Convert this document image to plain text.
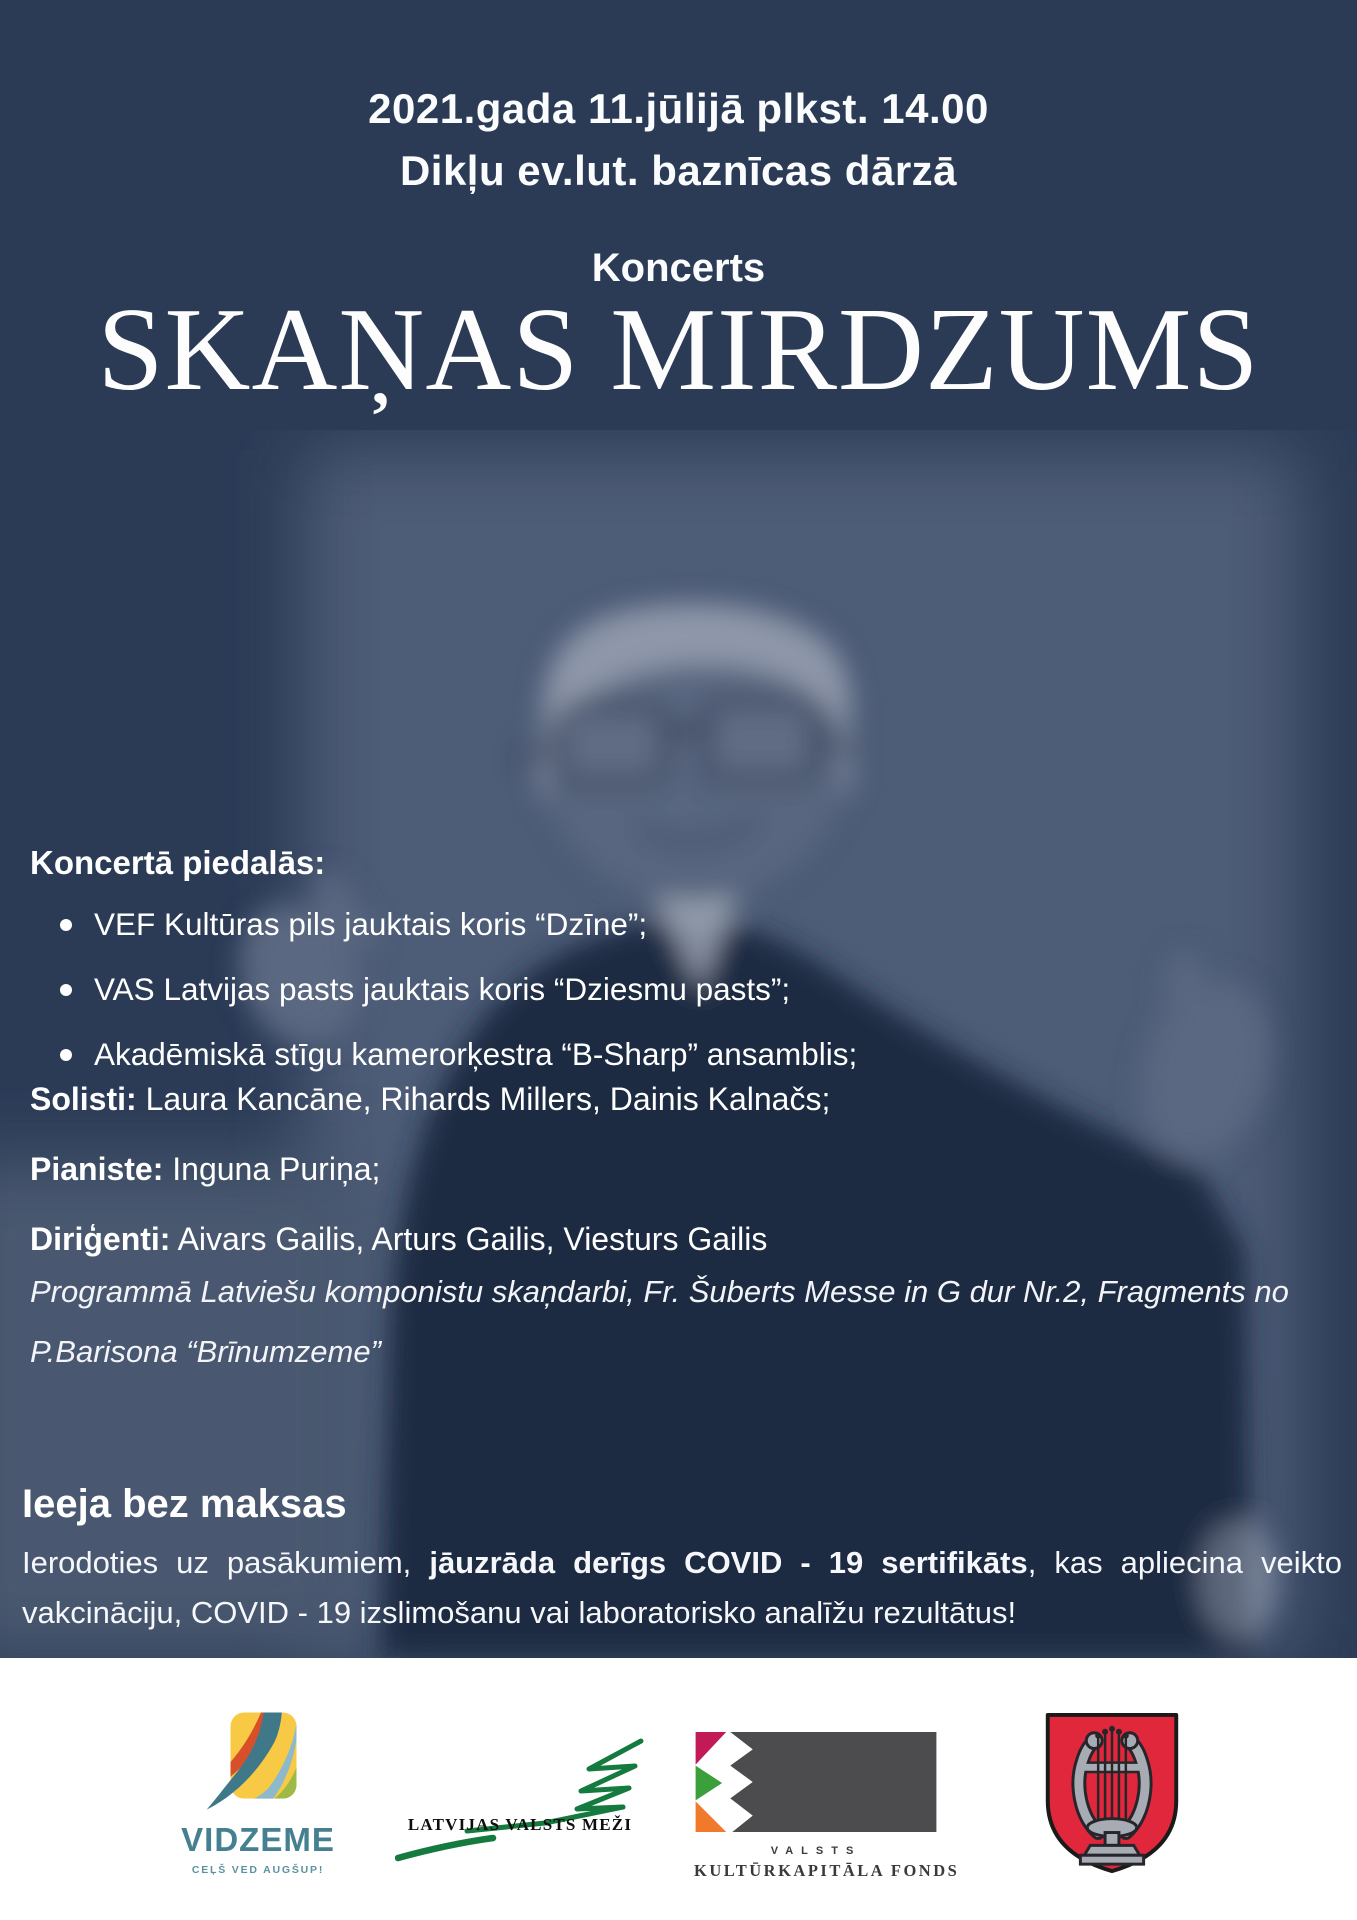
2021.gada 11.jūlijā plkst. 14.00
Dikļu ev.lut. baznīcas dārzā
Koncerts
SKAŅAS MIRDZUMS
Koncertā piedalās:
VEF Kultūras pils jauktais koris “Dzīne”;
VAS Latvijas pasts jauktais koris “Dziesmu pasts”;
Akadēmiskā stīgu kamerorķestra “B-Sharp” ansamblis;
Solisti: Laura Kancāne, Rihards Millers, Dainis Kalnačs;
Pianiste: Inguna Puriņa;
Diriģenti: Aivars Gailis, Arturs Gailis, Viesturs Gailis
Programmā Latviešu komponistu skaņdarbi, Fr. Šuberts Messe in G dur Nr.2, Fragments no P.Barisona “Brīnumzeme”
Ieeja bez maksas

Ierodoties uz pasākumiem, jāuzrāda derīgs COVID - 19 sertifikāts, kas apliecina veikto vakcināciju, COVID - 19 izslimošanu vai laboratorisko analīžu rezultātus!

VIDZEME
CEĻŠ VED AUGŠUP!
LATVIJAS VALSTS MEŽI
VALSTS
KULTŪRKAPITĀLA FONDS
